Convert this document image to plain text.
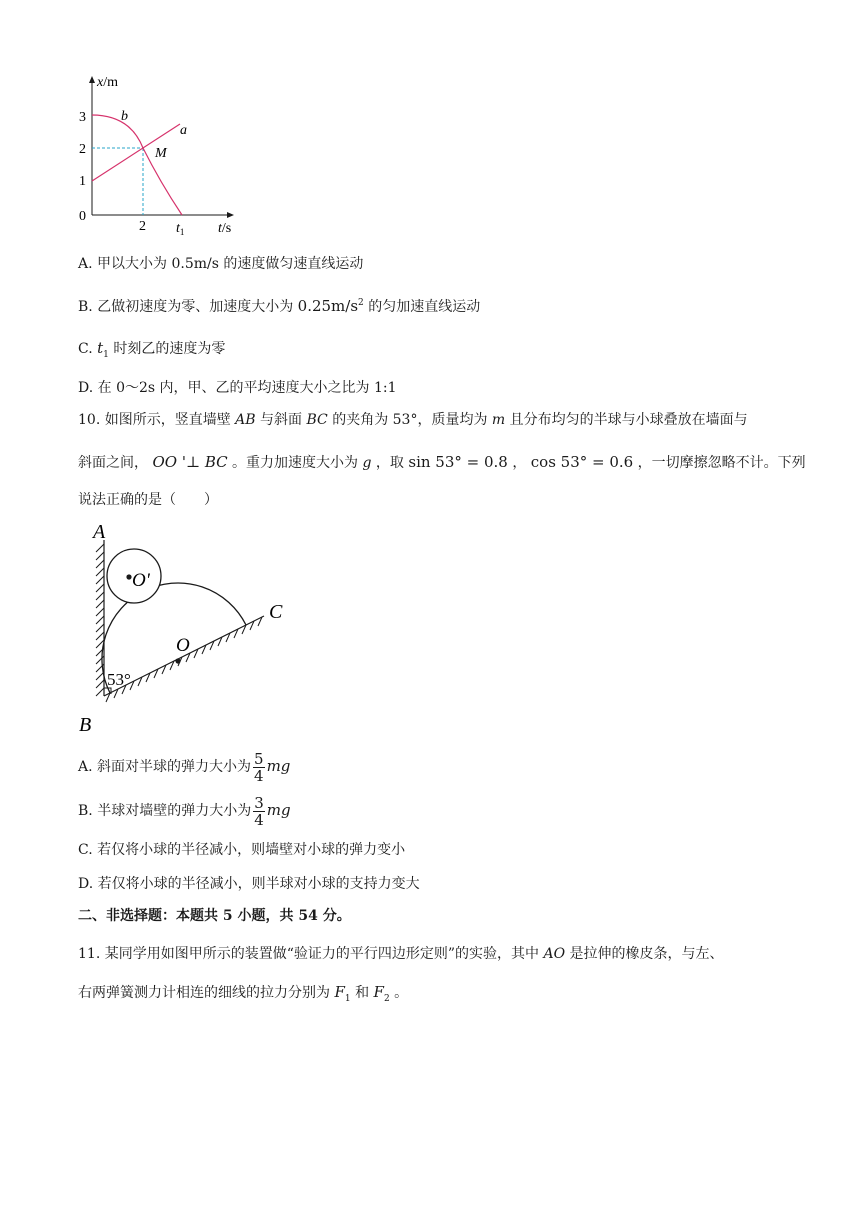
x/m
3
2
1
0
2 $t_1$ t/s
a
b
M
A. 甲以大小为 0.5m/s 的速度做匀速直线运动
B. 乙做初速度为零、加速度大小为 $0.25m/s^2$ 的匀加速直线运动
C. $t_1$ 时刻乙的速度为零
D. 在 0～2s 内，甲、乙的平均速度大小之比为 1:1
10. 如图所示，竖直墙壁 AB 与斜面 BC 的夹角为 53°，质量均为 m 且分布均匀的半球与小球叠放在墙面与
斜面之间， OO '⊥ BC 。重力加速度大小为 g ，取 sin 53° = 0.8 ， cos 53° = 0.6 ，一切摩擦忽略不计。下列
说法正确的是（　　）
A
B
C
O
O'
53°
A. 斜面对半球的弹力大小为 $\frac{5}{4}$ mg
B. 半球对墙壁的弹力大小为 $\frac{3}{4}$ mg
C. 若仅将小球的半径减小，则墙壁对小球的弹力变小
D. 若仅将小球的半径减小，则半球对小球的支持力变大
二、非选择题：本题共 5 小题，共 54 分。
11. 某同学用如图甲所示的装置做“验证力的平行四边形定则”的实验，其中 AO 是拉伸的橡皮条，与左、
右两弹簧测力计相连的细线的拉力分别为 $F_1$ 和 $F_2$ 。
